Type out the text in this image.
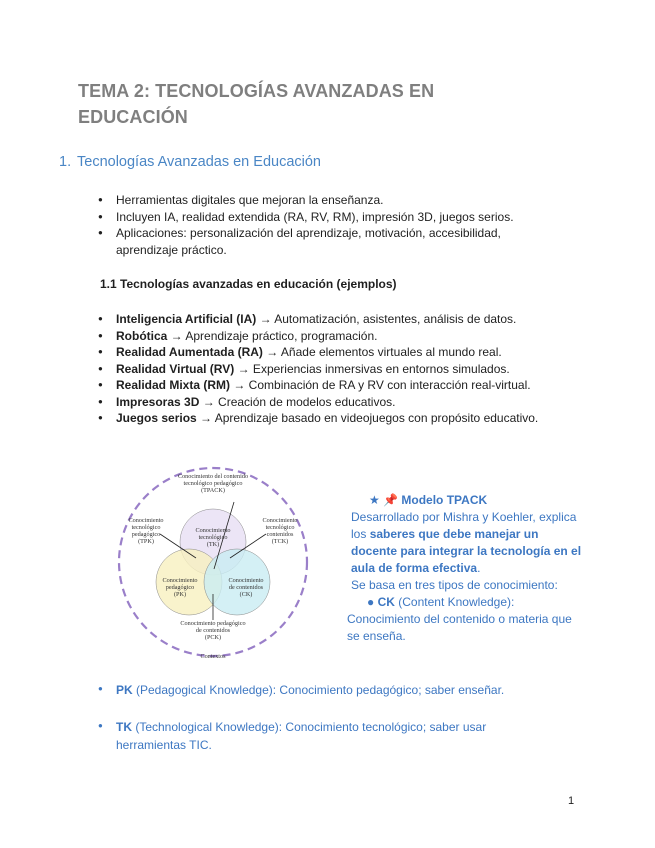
TEMA 2: TECNOLOGÍAS AVANZADAS EN EDUCACIÓN
1. Tecnologías Avanzadas en Educación
● Herramientas digitales que mejoran la enseñanza.
● Incluyen IA, realidad extendida (RA, RV, RM), impresión 3D, juegos serios.
● Aplicaciones: personalización del aprendizaje, motivación, accesibilidad, aprendizaje práctico.
1.1 Tecnologías avanzadas en educación (ejemplos)
● Inteligencia Artificial (IA) → Automatización, asistentes, análisis de datos.
● Robótica → Aprendizaje práctico, programación.
● Realidad Aumentada (RA) → Añade elementos virtuales al mundo real.
● Realidad Virtual (RV) → Experiencias inmersivas en entornos simulados.
● Realidad Mixta (RM) → Combinación de RA y RV con interacción real-virtual.
● Impresoras 3D → Creación de modelos educativos.
● Juegos serios → Aprendizaje basado en videojuegos con propósito educativo.
Conocimiento del contenido tecnológico pedagógico (TPACK)
Conocimiento tecnológico (TK)
Conocimiento tecnológico pedagógico (TPK)
Conocimiento tecnológico contenidos (TCK)
Conocimiento pedagógico (PK)
Conocimiento de contenidos (CK)
Conocimiento pedagógico de contenidos (PCK)
Contextos
★ 📌 Modelo TPACK
Desarrollado por Mishra y Koehler, explica los saberes que debe manejar un docente para integrar la tecnología en el aula de forma efectiva.
Se basa en tres tipos de conocimiento:
● CK (Content Knowledge): Conocimiento del contenido o materia que se enseña.
● PK (Pedagogical Knowledge): Conocimiento pedagógico; saber enseñar.
● TK (Technological Knowledge): Conocimiento tecnológico; saber usar herramientas TIC.
1
